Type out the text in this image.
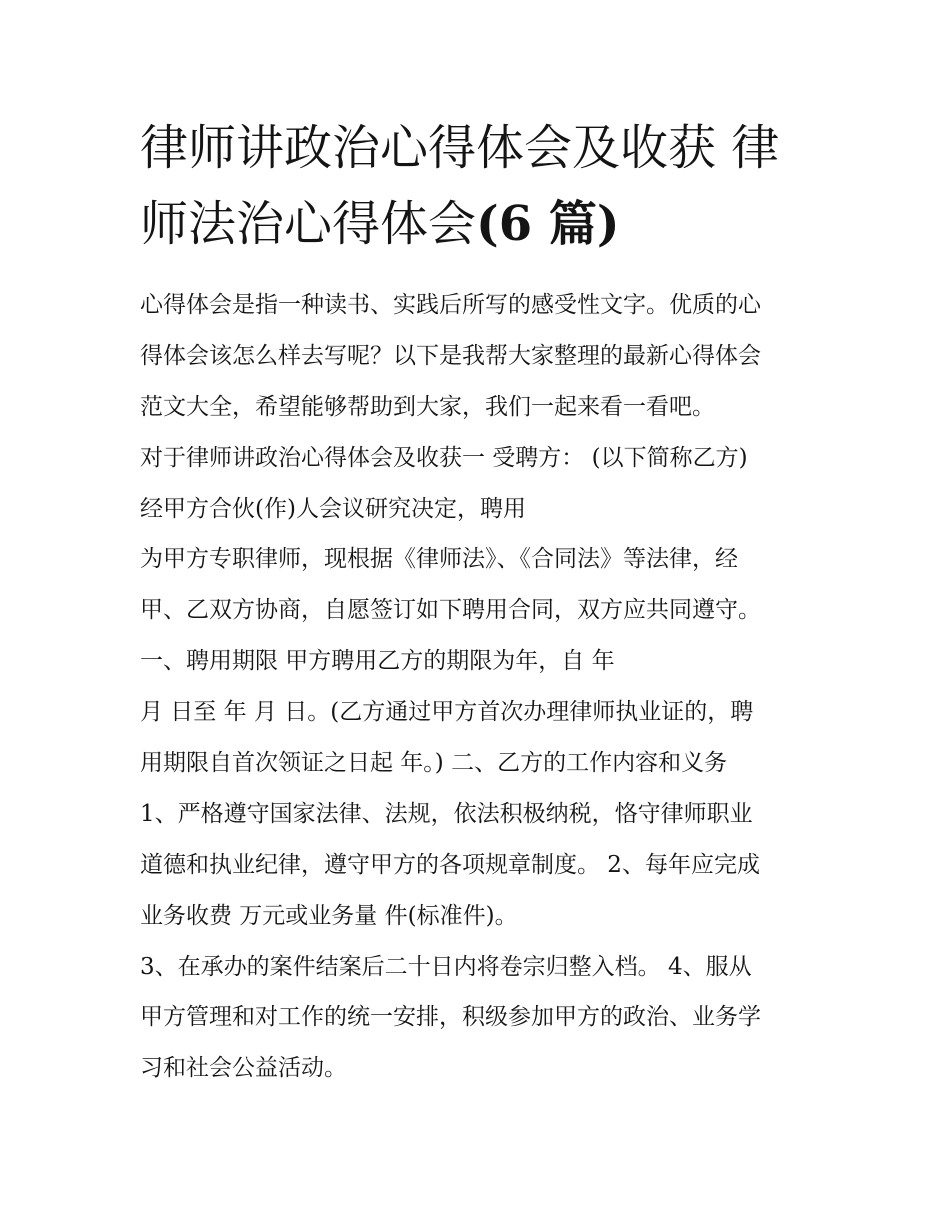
律师讲政治心得体会及收获 律
师法治心得体会(6 篇)
心得体会是指一种读书、实践后所写的感受性文字。优质的心
得体会该怎么样去写呢？以下是我帮大家整理的最新心得体会
范文大全，希望能够帮助到大家，我们一起来看一看吧。
对于律师讲政治心得体会及收获一 受聘方： (以下简称乙方)
经甲方合伙(作)人会议研究决定，聘用
为甲方专职律师，现根据《律师法》、《合同法》等法律，经
甲、乙双方协商，自愿签订如下聘用合同，双方应共同遵守。
一、聘用期限 甲方聘用乙方的期限为年，自 年
月 日至 年 月 日。(乙方通过甲方首次办理律师执业证的，聘
用期限自首次领证之日起 年。) 二、乙方的工作内容和义务
1、严格遵守国家法律、法规，依法积极纳税，恪守律师职业
道德和执业纪律，遵守甲方的各项规章制度。 2、每年应完成
业务收费 万元或业务量 件(标准件)。
3、在承办的案件结案后二十日内将卷宗归整入档。 4、服从
甲方管理和对工作的统一安排，积级参加甲方的政治、业务学
习和社会公益活动。
